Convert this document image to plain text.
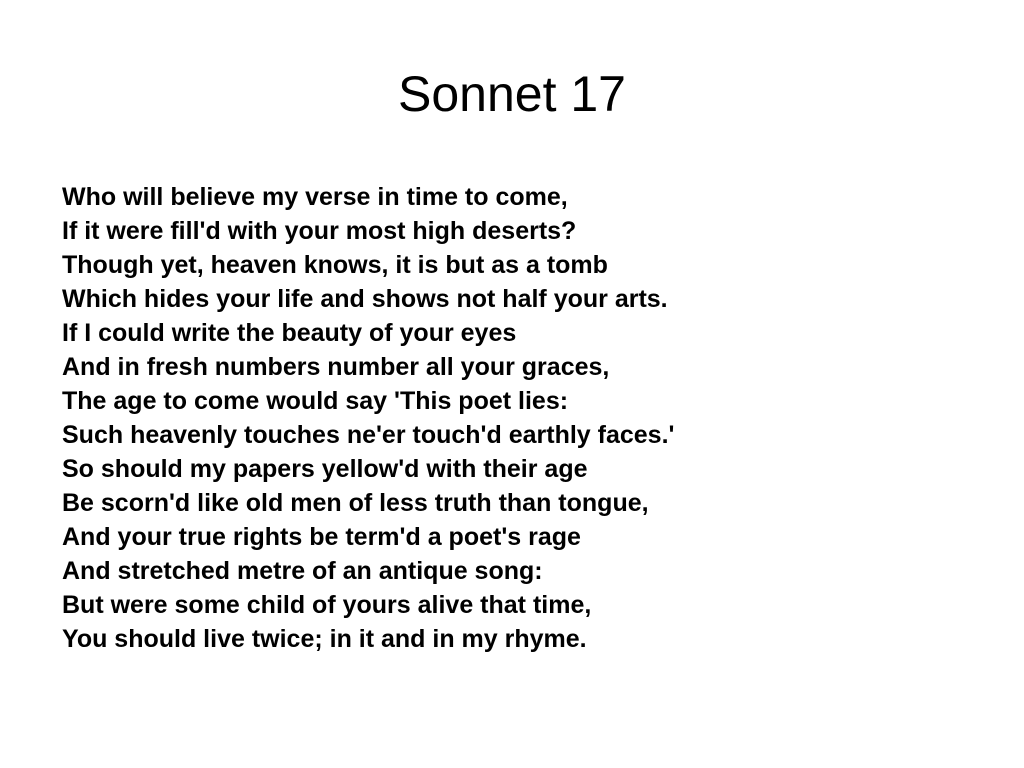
Sonnet 17
Who will believe my verse in time to come,
If it were fill'd with your most high deserts?
Though yet, heaven knows, it is but as a tomb
Which hides your life and shows not half your arts.
If I could write the beauty of your eyes
And in fresh numbers number all your graces,
The age to come would say 'This poet lies:
Such heavenly touches ne'er touch'd earthly faces.'
So should my papers yellow'd with their age
Be scorn'd like old men of less truth than tongue,
And your true rights be term'd a poet's rage
And stretched metre of an antique song:
But were some child of yours alive that time,
You should live twice; in it and in my rhyme.
